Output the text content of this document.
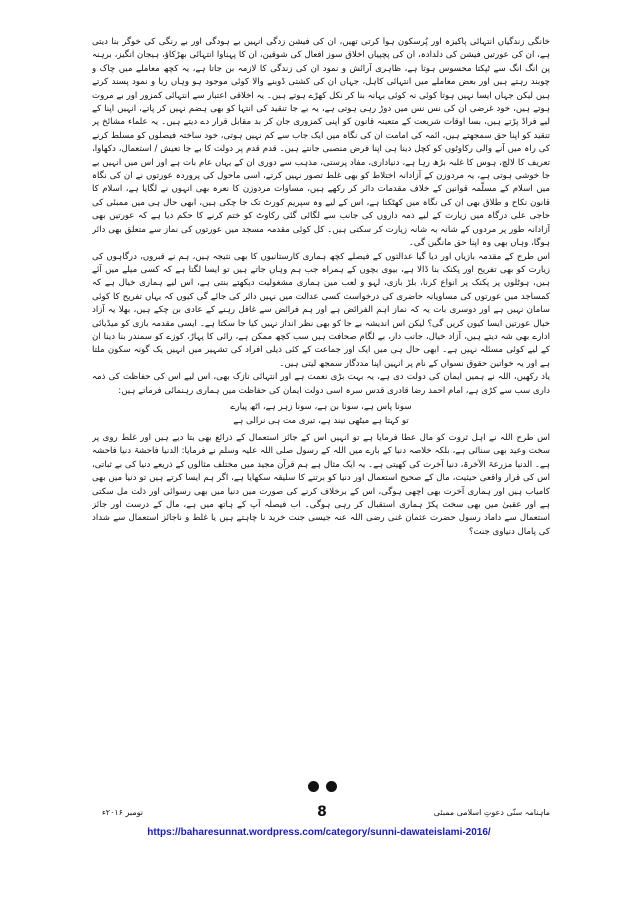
خانگی زندگیاں انتہائی پاکیزہ اور پُرسکون ہوا کرتی تھیں، ان کی فیشن زدگی انہیں بے ہودگی اور بے رنگی کی خوگر بنا دیتی ہے، ان کی عورتیں فیشن کی دلدادہ، ان کی پچپیاں اخلاق سوز افعال کی شوقین، ان کا پہناوا انتہائی بھڑکاؤ، ہیجان انگیز، برہنہ پن انگ انگ سے ٹپکتا محسوس ہوتا ہے، ظاہری آرائش و نمود ان کی زندگی کا لازمہ بن جاتا ہے، یہ کچھ معاملے میں چاک و چوبند رہتے ہیں اور بعض معاملے میں انتہائی کاہل، جہاں ان کی کشتی ڈوبنے والا کوئی موجود ہو وہاں ریا و نمود پسند کرتے ہیں لیکن جہاں ایسا نہیں ہوتا کوئی نہ کوئی بہانہ بنا کر نکل کھڑے ہوتے ہیں۔ یہ اخلاقی اعتبار سے انتہائی کمزور اور بے مروت ہوتے ہیں، خود غرضی ان کی نس نس میں دوڑ رہی ہوتی ہے، یہ بے جا تنقید کی انتہا کو بھی ہضم نہیں کر پاتے، انہیں اپنا کے لیے فراڈ پڑتے ہیں، بسا اوقات شریعت کے متعینہ قانون کو اپنی کمزوری جان کر بد مقابل قرار دے دیتے ہیں۔ یہ علماء مشائخ پر تنقید کو اپنا حق سمجھتے ہیں، ائمہ کی امامت ان کی نگاہ میں ایک جاب سے کم نہیں ہوتی، خود ساختہ فیصلوں کو مسلط کرنے کی راہ میں آنے والی رکاوٹوں کو کچل دینا ہی اپنا فرض منصبی جانتے ہیں۔ قدم قدم پر دولت کا بے جا تعیش / استعمال، دکھاوا، تعریف کا لالچ، ہوس کا غلبہ بڑھ رہا ہے، دنیاداری، مفاد پرستی، مذہب سے دوری ان کے یہاں عام بات ہے اور اس میں انہیں بے جا خوشی ہوتی ہے، یہ مردوزن کے آزادانہ اختلاط کو بھی غلط تصور نہیں کرتے، اسی ماحول کی پروردہ عورتوں نے ان کی نگاہ میں اسلام کے مسلّمہ قوانین کے خلاف مقدمات دائر کر رکھے ہیں، مساوات مردوزن کا نعرہ بھی انہوں نے لگایا ہے، اسلام کا قانون نکاح و طلاق بھی ان کی نگاہ میں کھٹکتا ہے، اس کے لیے وہ سپریم کورٹ تک جا چکی ہیں، ابھی حال ہی میں ممبئی کی حاجی علی درگاہ میں زیارت کے لیے ذمہ داروں کی جانب سے لگائی گئی رکاوٹ کو ختم کرنے کا حکم دیا ہے کہ عورتیں بھی آزادانہ طور پر مردوں کے شانہ بہ شانہ زیارت کر سکتی ہیں۔ کل کوئی مقدمہ مسجد میں عورتوں کی نماز سے متعلق بھی دائر ہوگا، وہاں بھی وہ اپنا حق مانگیں گی۔

اس طرح کے مقدمہ بازیاں اور دیا گیا عدالتوں کے فیصلے کچھ ہماری کارستانیوں کا بھی نتیجہ ہیں، ہم نے قبروں، درگاہوں کی زیارت کو بھی تفریح اور پکنک بنا ڈالا ہے، بیوی بچوں کے ہمراہ جب ہم وہاں جاتے ہیں تو ایسا لگتا ہے کہ کسی میلے میں آئے ہیں، ہوٹلوں پر پکنک پر انواع کرنا، بلڑ بازی، لہو و لعب میں ہماری مشغولیت دیکھتے بنتی ہے، اس لیے ہماری خیال ہے کہ کمساجد میں عورتوں کی مساویانہ حاضری کی درخواست کسی عدالت میں نہیں دائر کی جائے گی کیوں کہ یہاں تفریح کا کوئی سامان نہیں ہے اور دوسری بات یہ کہ نماز اہم الفرائض ہے اور ہم فرائض سے غافل رہنے کے عادی بن چکے ہیں، بھلا یہ آزاد خیال عورتیں ایسا کیوں کریں گی؟ لیکن اس اندیشہ بے جا کو بھی نظر انداز نہیں کیا جا سکتا ہے۔ ایسی مقدمہ بازی کو میڈیائی ادارے بھی شہ دیتے ہیں، آزاد خیال، جانب دار، بے لگام صحافت ہیں سب کچھ ممکن ہے، رائی کا پہاڑ، کوزے کو سمندر بنا دینا ان کے لیے کوئی مسئلہ نہیں ہے۔ ابھی حال ہی میں ایک اور جماعت کے کئی ذیلی افراد کی تشہیر میں انہیں یک گونہ سکون ملتا ہے اور یہ خواتین حقوق نسواں کے نام پر انہیں اپنا مددگار سمجھ لیتی ہیں۔

یاد رکھیں، اللہ نے ہمیں ایمان کی دولت دی ہے، یہ بہت بڑی نعمت ہے اور انتہائی نازک بھی، اس لیے اس کی حفاظت کی ذمہ داری سب سے کڑی ہے، امام احمد رضا قادری قدس سرہ اسی دولت ایمان کی حفاظت میں ہماری رہنمائی فرماتے ہیں:

سونا پاس ہے، سونا بن ہے، سونا زہر ہے، اٹھ پیارے
تو کہتا ہے میٹھی نیند ہے، تیری مت ہی نرالی ہے

اس طرح اللہ نے اہل ثروت کو مال عطا فرمایا ہے تو انہیں اس کے جائز استعمال کے ذرائع بھی بتا دیے ہیں اور غلط روی پر سخت وعید بھی سنائی ہے، بلکہ خلاصہ دنیا کے بارے میں اللہ کے رسول صلی اللہ علیہ وسلم نے فرمایا: الدنیا فاحشۃ دنیا فاحشہ ہے۔ الدنیا مزرعۃ الآخرۃ، دنیا آخرت کی کھیتی ہے۔ یہ ایک مثال ہے ہم قرآن مجید میں مختلف مثالوں کے ذریعے دنیا کی بے ثباتی، اس کی قرار واقعی حیثیت، مال کے صحیح استعمال اور دنیا کو برتنے کا سلیقہ سکھایا ہے، اگر ہم ایسا کرتے ہیں تو دنیا میں بھی کامیاب ہیں اور ہماری آخرت بھی اچھی ہوگی، اس کے برخلاف کرنے کی صورت میں دنیا میں بھی رسوائی اور ذلت مل سکتی ہے اور عقبیٰ میں بھی سخت پکڑ ہماری استقبال کر رہی ہوگی۔ اب فیصلہ آپ کے ہاتھ میں ہے، مال کے درست اور جائز استعمال سے داماد رسول حضرت عثمان غنی رضی اللہ عنہ جیسی جنت خرید نا چاہتے ہیں یا غلط و ناجائز استعمال سے شداد کی پامال دنیاوی جنت؟

ماہنامہ سنّی دعوتِ اسلامی ممبئی
8
نومبر ۲۰۱۶ء
https://baharesunnat.wordpress.com/category/sunni-dawateislami-2016/
